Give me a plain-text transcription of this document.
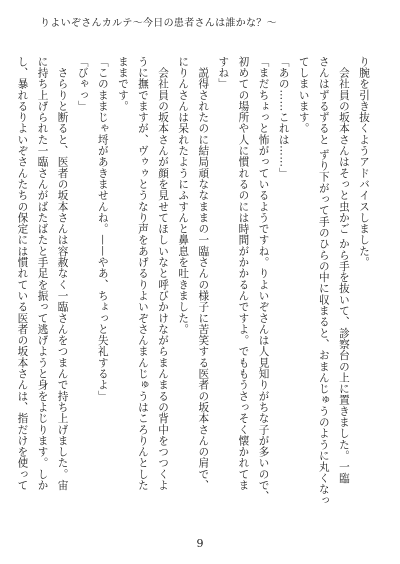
りよいぞさんカルテ〜今日の患者さんは誰かな？〜

り腕を引き抜くようアドバイスしました。

　会社員の坂本さんはそっと虫かご から手を抜いて、診察台の上に置きました。一臨

さんはずるずると ずり下がって手のひらの中に収まると、おまんじゅうのように丸くなっ

てしまいます。

「あの……これは……」

「まだちょっと怖がっているようですね。りよいぞさんは人見知りがちな子が多いので、

初めての場所や人に慣れるのには時間がかかるんですよ。でももうさっそく懐かれてま

すね」

　説得されたのに結局頑ななままの一臨さんの様子に苦笑する医者の坂本さんの肩で、

にりんさんは呆れたようにふすんと鼻息を吐きました。

　会社員の坂本さんが顔を見せてほしいなと呼びかけながらまんまるの背中をつつくよ

うに撫でますが、ヴゥゥとうなり声をあげるりよいぞさんまんじゅうはころりんとした

ままです。

「このままじゃ埒があきませんね。——やあ、ちょっと失礼するよ」

「びゃっ」

　さらりと断ると、医者の坂本さんは容赦なく一臨さんをつまんで持ち上げました。宙

に持ち上げられた一臨さんがばたばたと手足を振って逃げようと身をよじります。しか

し、暴れるりよいぞさんたちの保定には慣れている医者の坂本さんは、指だけを使って

9
